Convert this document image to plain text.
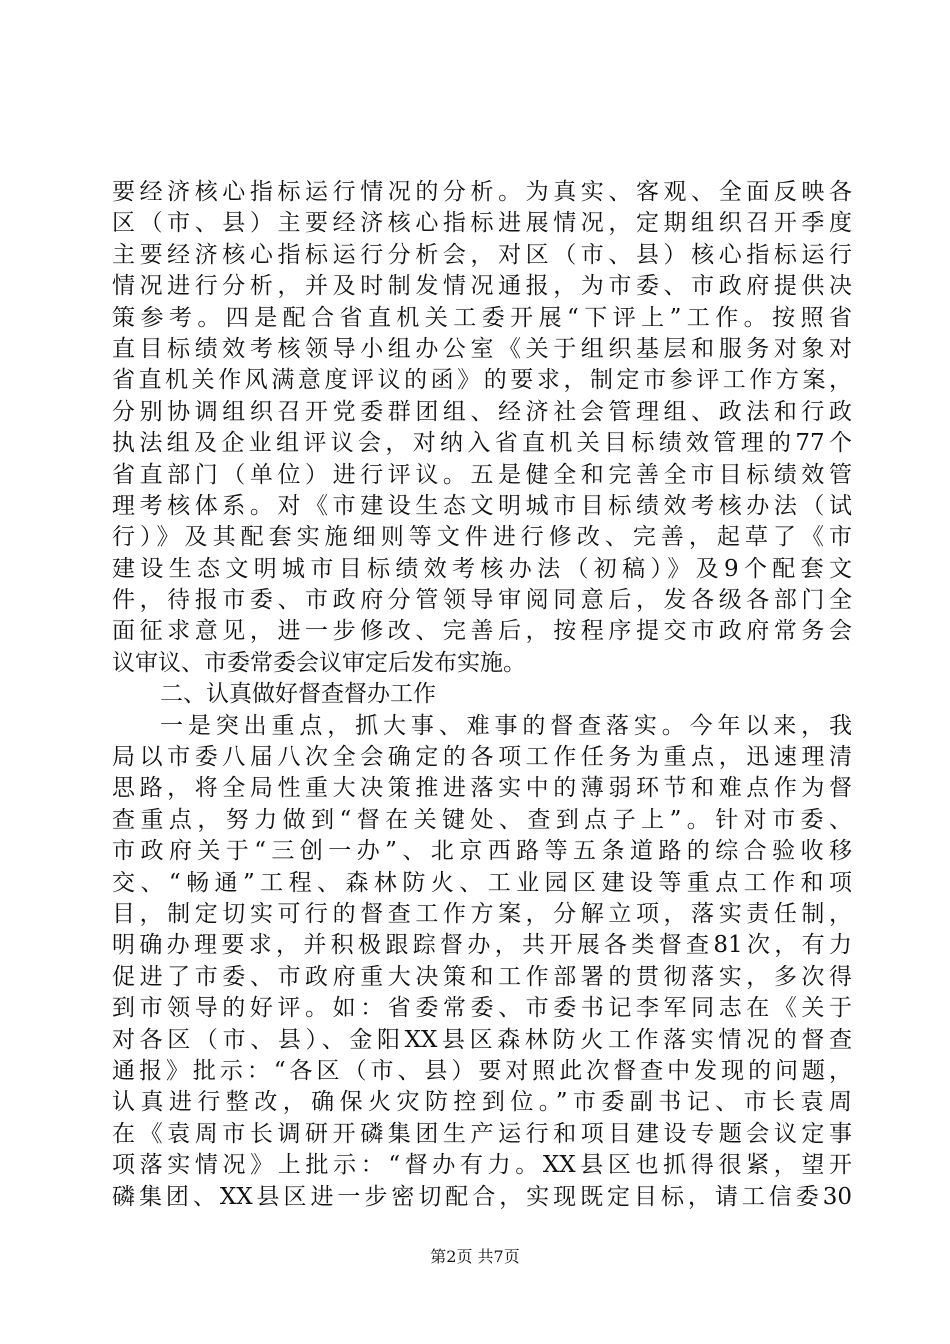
要经济核心指标运行情况的分析。为真实、客观、全面反映各
区（市、县）主要经济核心指标进展情况，定期组织召开季度
主要经济核心指标运行分析会，对区（市、县）核心指标运行
情况进行分析，并及时制发情况通报，为市委、市政府提供决
策参考。四是配合省直机关工委开展“下评上”工作。按照省
直目标绩效考核领导小组办公室《关于组织基层和服务对象对
省直机关作风满意度评议的函》的要求，制定市参评工作方案，
分别协调组织召开党委群团组、经济社会管理组、政法和行政
执法组及企业组评议会，对纳入省直机关目标绩效管理的77个
省直部门（单位）进行评议。五是健全和完善全市目标绩效管
理考核体系。对《市建设生态文明城市目标绩效考核办法（试
行）》及其配套实施细则等文件进行修改、完善，起草了《市
建设生态文明城市目标绩效考核办法（初稿）》及9个配套文
件，待报市委、市政府分管领导审阅同意后，发各级各部门全
面征求意见，进一步修改、完善后，按程序提交市政府常务会
议审议、市委常委会议审定后发布实施。
二、认真做好督查督办工作
一是突出重点，抓大事、难事的督查落实。今年以来，我
局以市委八届八次全会确定的各项工作任务为重点，迅速理清
思路，将全局性重大决策推进落实中的薄弱环节和难点作为督
查重点，努力做到“督在关键处、查到点子上”。针对市委、
市政府关于“三创一办”、北京西路等五条道路的综合验收移
交、“畅通”工程、森林防火、工业园区建设等重点工作和项
目，制定切实可行的督查工作方案，分解立项，落实责任制，
明确办理要求，并积极跟踪督办，共开展各类督查81次，有力
促进了市委、市政府重大决策和工作部署的贯彻落实，多次得
到市领导的好评。如：省委常委、市委书记李军同志在《关于
对各区（市、县）、金阳XX县区森林防火工作落实情况的督查
通报》批示：“各区（市、县）要对照此次督查中发现的问题，
认真进行整改，确保火灾防控到位。”市委副书记、市长袁周
在《袁周市长调研开磷集团生产运行和项目建设专题会议定事
项落实情况》上批示：“督办有力。XX县区也抓得很紧，望开
磷集团、XX县区进一步密切配合，实现既定目标，请工信委30
第2页 共7页
